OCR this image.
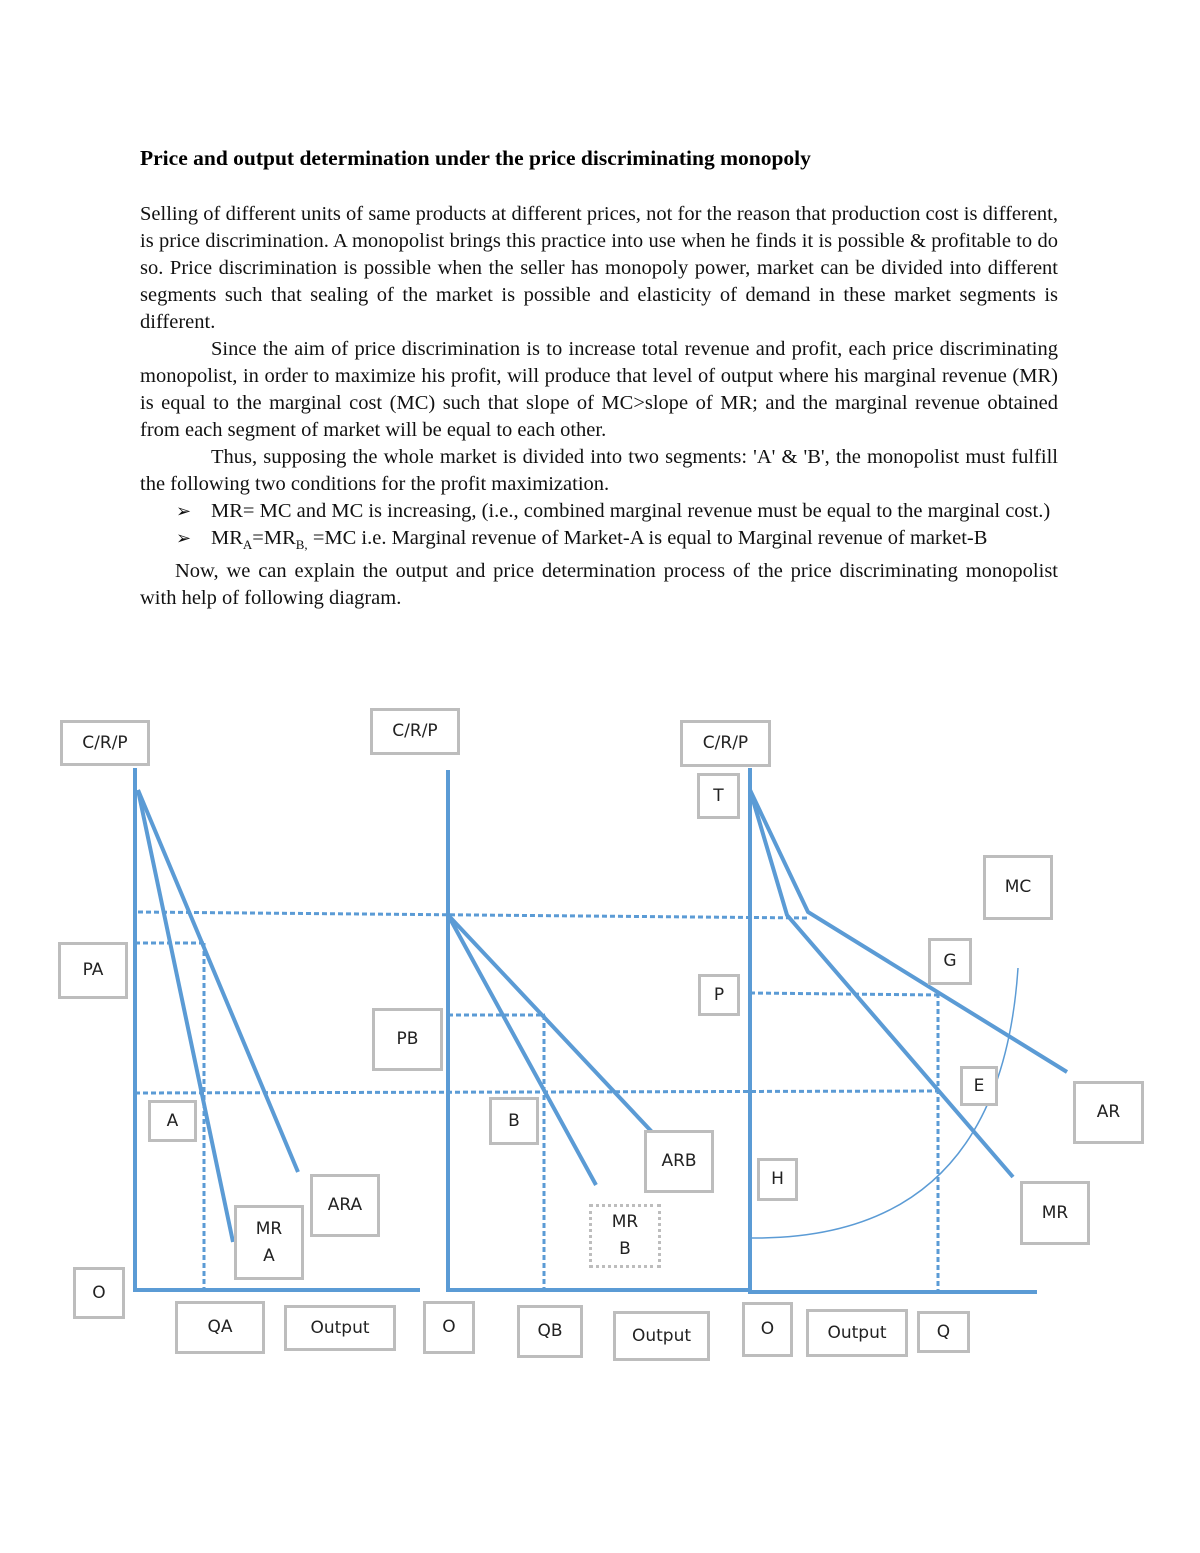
Price and output determination under the price discriminating monopoly

Selling of different units of same products at different prices, not for the reason that production cost is different, is price discrimination. A monopolist brings this practice into use when he finds it is possible & profitable to do so. Price discrimination is possible when the seller has monopoly power, market can be divided into different segments such that sealing of the market is possible and elasticity of demand in these market segments is different.

Since the aim of price discrimination is to increase total revenue and profit, each price discriminating monopolist, in order to maximize his profit, will produce that level of output where his marginal revenue (MR) is equal to the marginal cost (MC) such that slope of MC>slope of MR; and the marginal revenue obtained from each segment of market will be equal to each other.

Thus, supposing the whole market is divided into two segments: 'A' & 'B', the monopolist must fulfill the following two conditions for the profit maximization.

➢ MR= MC and MC is increasing, (i.e., combined marginal revenue must be equal to the marginal cost.)

➢ $MR_A=MR_{B,} =MC$ i.e. Marginal revenue of Market-A is equal to Marginal revenue of market-B

Now, we can explain the output and price determination process of the price discriminating monopolist with help of following diagram.

C/R/P
PA
A
ARA
MR
A
O
QA	Output
C/R/P
PB
B
ARB
MR
B
O	QB	Output
C/R/P
T
MC
G
P
E
AR
H
MR
O	Output	Q
